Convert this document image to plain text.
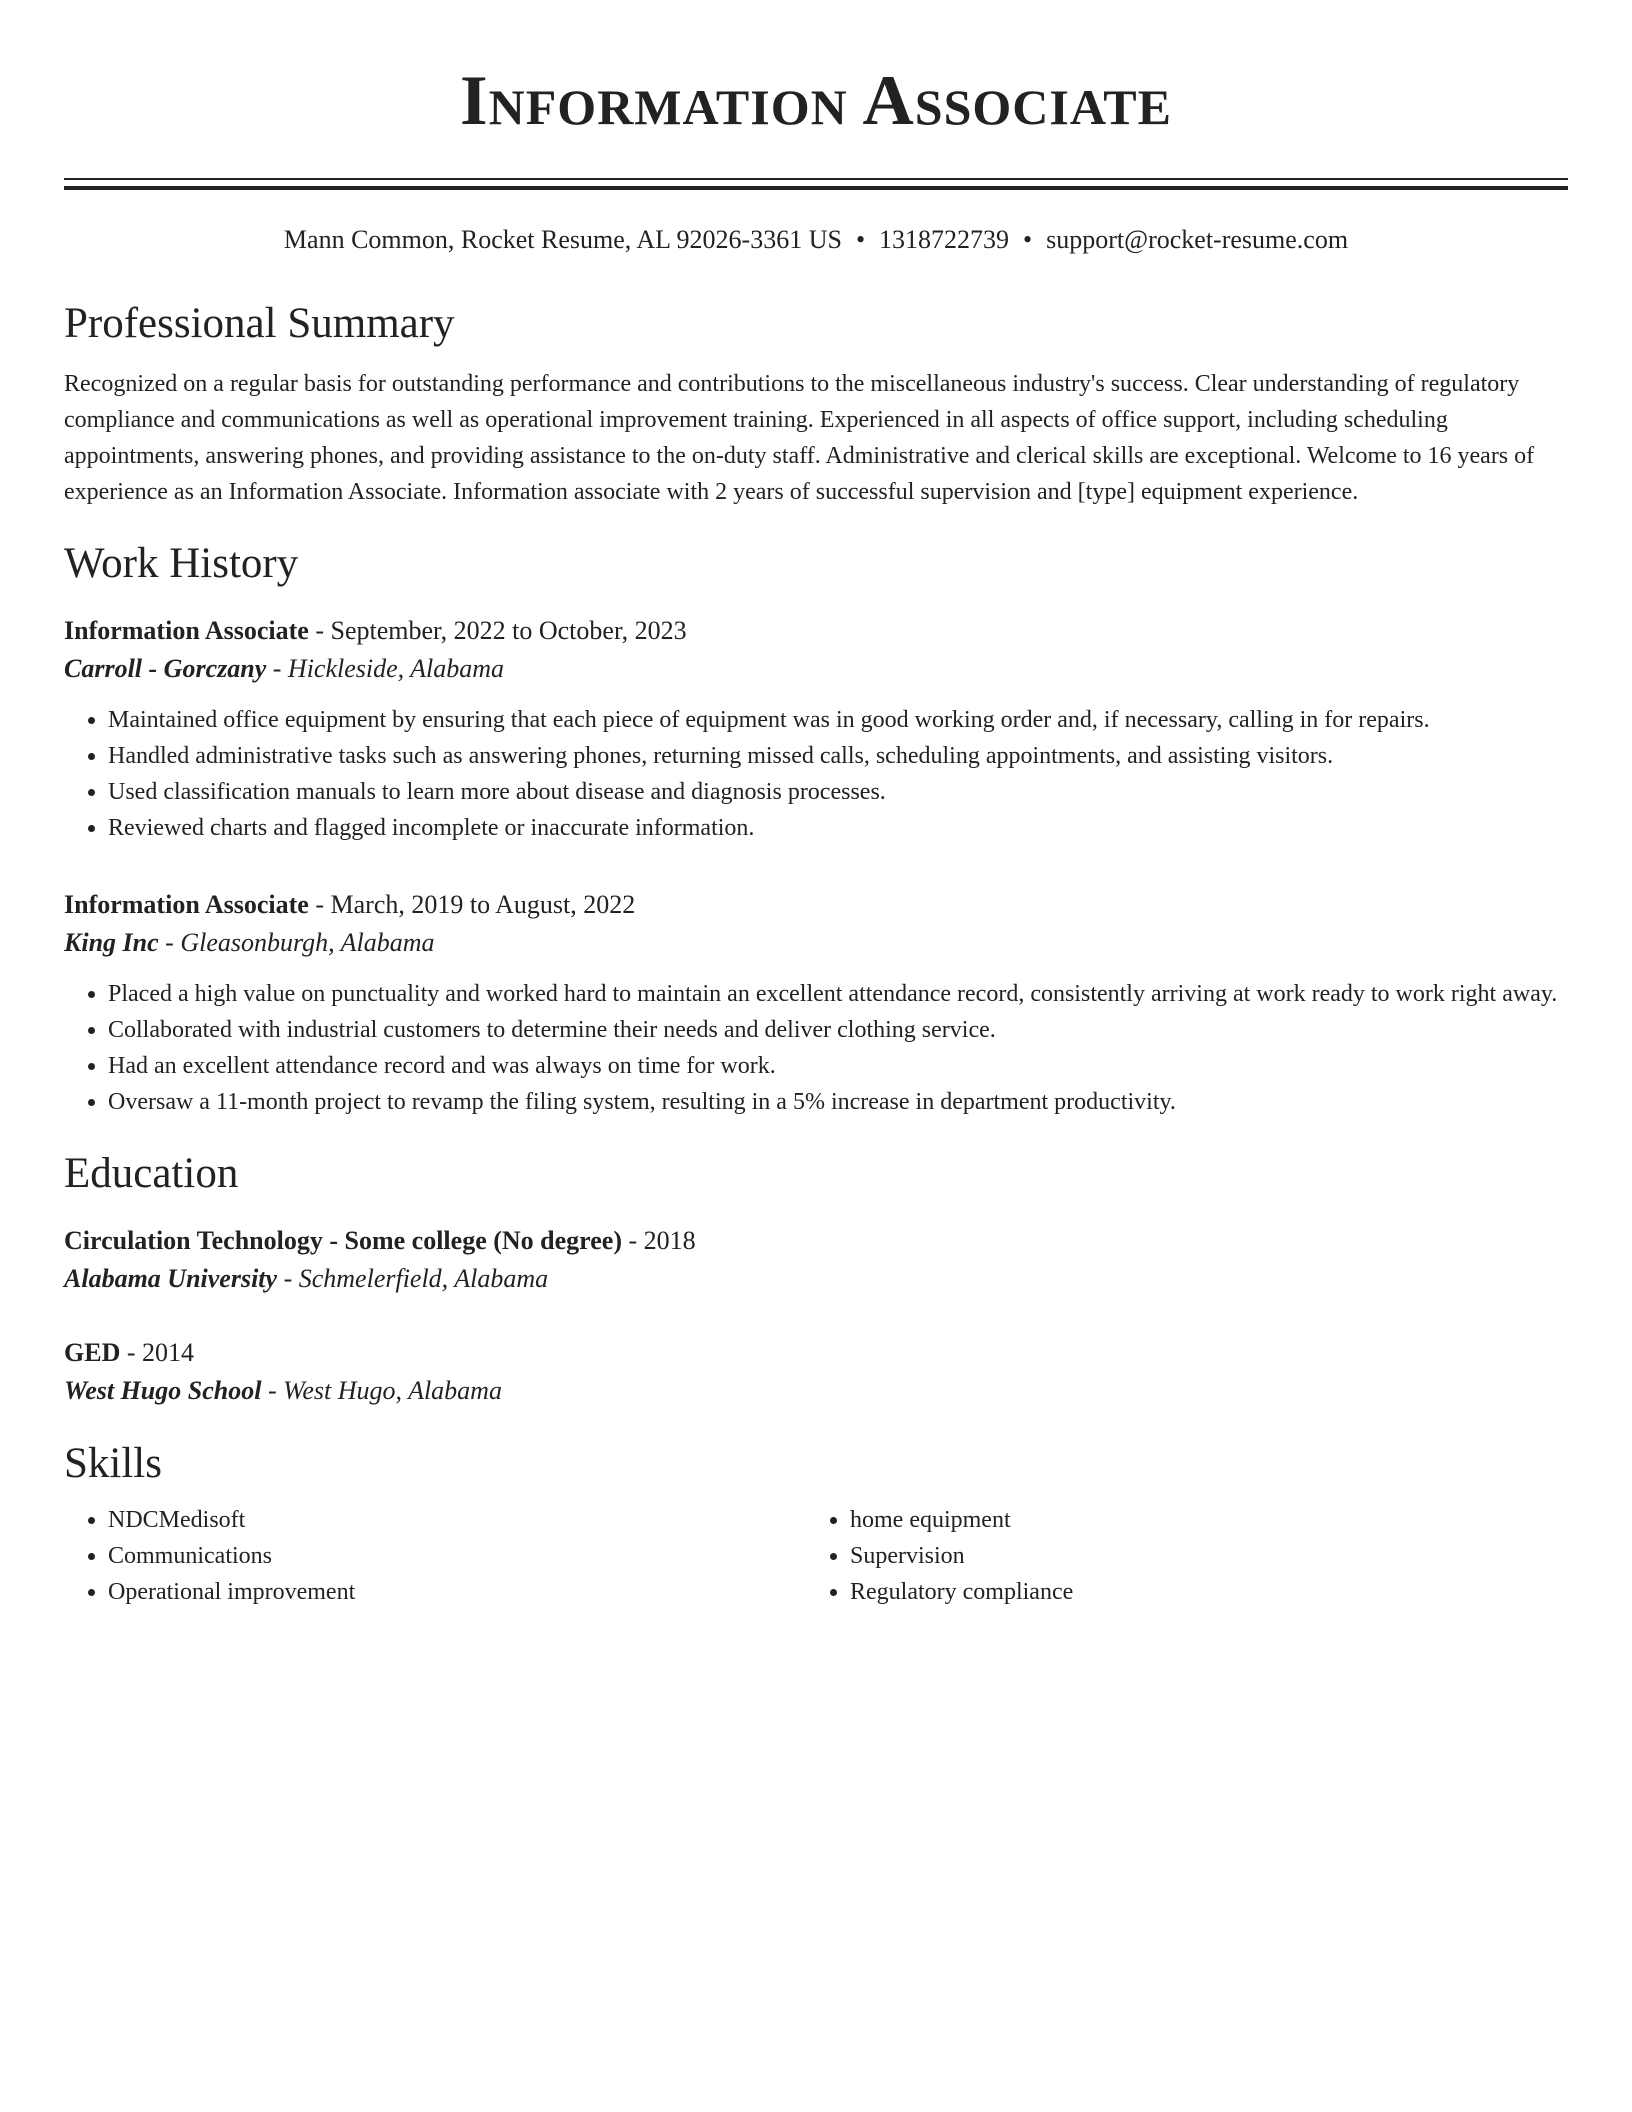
Information Associate
Mann Common, Rocket Resume, AL 92026-3361 US • 1318722739 • support@rocket-resume.com
Professional Summary

Recognized on a regular basis for outstanding performance and contributions to the miscellaneous industry's success. Clear understanding of regulatory compliance and communications as well as operational improvement training. Experienced in all aspects of office support, including scheduling appointments, answering phones, and providing assistance to the on-duty staff. Administrative and clerical skills are exceptional. Welcome to 16 years of experience as an Information Associate. Information associate with 2 years of successful supervision and [type] equipment experience.

Work History
Information Associate - September, 2022 to October, 2023
Carroll - Gorczany - Hickleside, Alabama
• Maintained office equipment by ensuring that each piece of equipment was in good working order and, if necessary, calling in for repairs.
• Handled administrative tasks such as answering phones, returning missed calls, scheduling appointments, and assisting visitors.
• Used classification manuals to learn more about disease and diagnosis processes.
• Reviewed charts and flagged incomplete or inaccurate information.
Information Associate - March, 2019 to August, 2022
King Inc - Gleasonburgh, Alabama
• Placed a high value on punctuality and worked hard to maintain an excellent attendance record, consistently arriving at work ready to work right away.
• Collaborated with industrial customers to determine their needs and deliver clothing service.
• Had an excellent attendance record and was always on time for work.
• Oversaw a 11-month project to revamp the filing system, resulting in a 5% increase in department productivity.
Education
Circulation Technology - Some college (No degree) - 2018
Alabama University - Schmelerfield, Alabama
GED - 2014
West Hugo School - West Hugo, Alabama
Skills
• NDCMedisoft
• Communications
• Operational improvement
• home equipment
• Supervision
• Regulatory compliance
